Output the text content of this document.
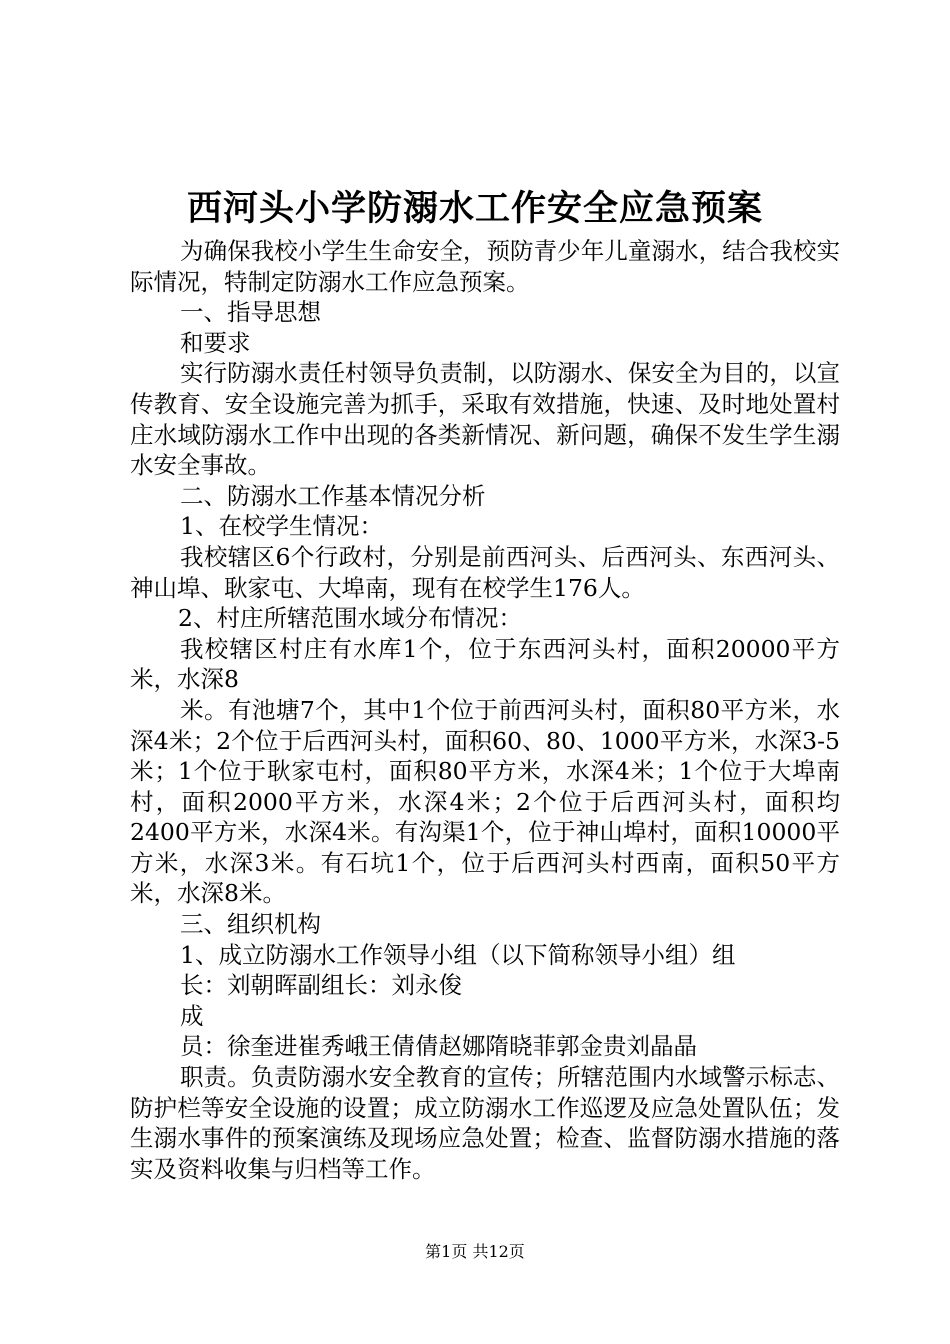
西河头小学防溺水工作安全应急预案

为确保我校小学生生命安全，预防青少年儿童溺水，结合我校实际情况，特制定防溺水工作应急预案。

一、指导思想

和要求

实行防溺水责任村领导负责制，以防溺水、保安全为目的，以宣传教育、安全设施完善为抓手，采取有效措施，快速、及时地处置村庄水域防溺水工作中出现的各类新情况、新问题，确保不发生学生溺水安全事故。

二、防溺水工作基本情况分析

1、在校学生情况：

我校辖区6个行政村，分别是前西河头、后西河头、东西河头、神山埠、耿家屯、大埠南，现有在校学生176人。

2、村庄所辖范围水域分布情况：

我校辖区村庄有水库1个，位于东西河头村，面积20000平方米，水深8

米。有池塘7个，其中1个位于前西河头村，面积80平方米，水深4米；2个位于后西河头村，面积60、80、1000平方米，水深3-5米；1个位于耿家屯村，面积80平方米，水深4米；1个位于大埠南村，面积2000平方米，水深4米；2个位于后西河头村，面积均2400平方米，水深4米。有沟渠1个，位于神山埠村，面积10000平方米，水深3米。有石坑1个，位于后西河头村西南，面积50平方米，水深8米。

三、组织机构

1、成立防溺水工作领导小组（以下简称领导小组）组

长：刘朝晖副组长：刘永俊

成

员：徐奎进崔秀峨王倩倩赵娜隋晓菲郭金贵刘晶晶

职责。负责防溺水安全教育的宣传；所辖范围内水域警示标志、防护栏等安全设施的设置；成立防溺水工作巡逻及应急处置队伍；发生溺水事件的预案演练及现场应急处置；检查、监督防溺水措施的落实及资料收集与归档等工作。

第1页 共12页
